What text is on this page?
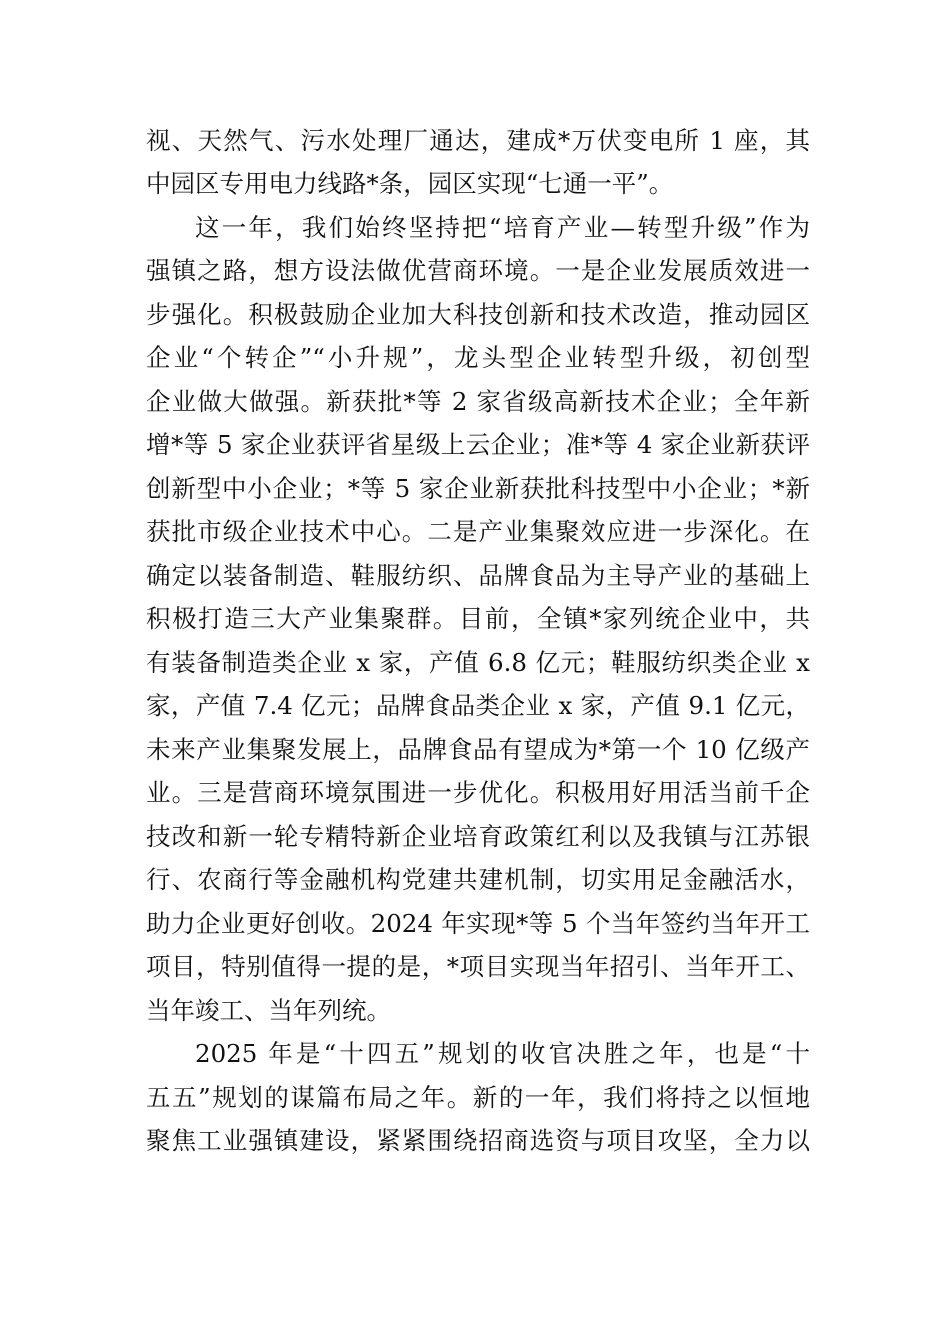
视、天然气、污水处理厂通达，建成*万伏变电所 1 座，其
中园区专用电力线路*条，园区实现“七通一平”。
这一年，我们始终坚持把“培育产业—转型升级”作为
强镇之路，想方设法做优营商环境。一是企业发展质效进一
步强化。积极鼓励企业加大科技创新和技术改造，推动园区
企业“个转企”“小升规”，龙头型企业转型升级，初创型
企业做大做强。新获批*等 2 家省级高新技术企业；全年新
增*等 5 家企业获评省星级上云企业；准*等 4 家企业新获评
创新型中小企业；*等 5 家企业新获批科技型中小企业；*新
获批市级企业技术中心。二是产业集聚效应进一步深化。在
确定以装备制造、鞋服纺织、品牌食品为主导产业的基础上
积极打造三大产业集聚群。目前，全镇*家列统企业中，共
有装备制造类企业 x 家，产值 6.8 亿元；鞋服纺织类企业 x
家，产值 7.4 亿元；品牌食品类企业 x 家，产值 9.1 亿元，
未来产业集聚发展上，品牌食品有望成为*第一个 10 亿级产
业。三是营商环境氛围进一步优化。积极用好用活当前千企
技改和新一轮专精特新企业培育政策红利以及我镇与江苏银
行、农商行等金融机构党建共建机制，切实用足金融活水，
助力企业更好创收。2024 年实现*等 5 个当年签约当年开工
项目，特别值得一提的是，*项目实现当年招引、当年开工、
当年竣工、当年列统。
2025 年是“十四五”规划的收官决胜之年，也是“十
五五”规划的谋篇布局之年。新的一年，我们将持之以恒地
聚焦工业强镇建设，紧紧围绕招商选资与项目攻坚，全力以
